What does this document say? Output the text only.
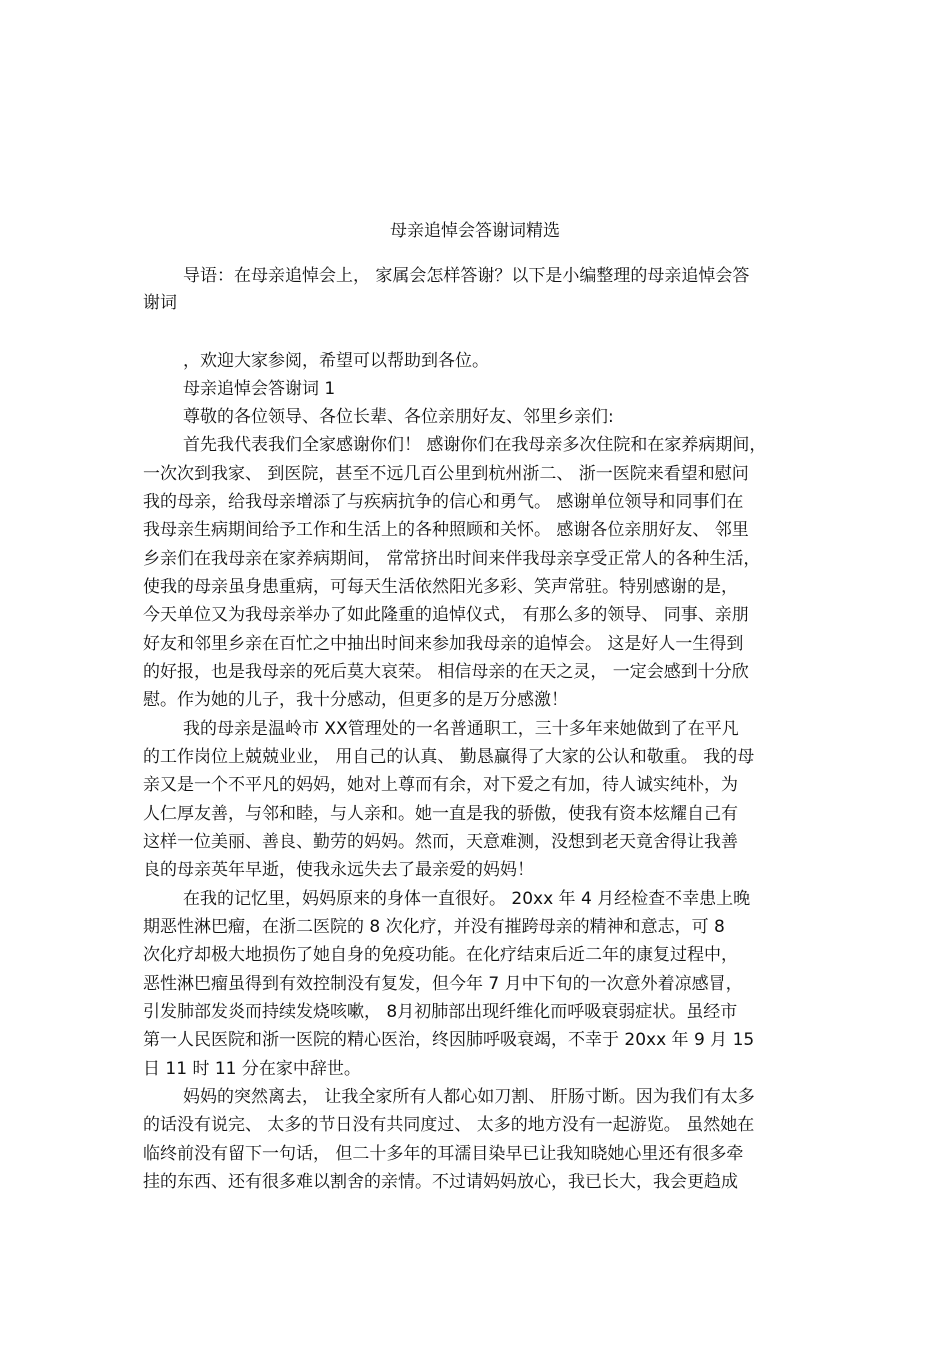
母亲追悼会答谢词精选
导语：在母亲追悼会上， 家属会怎样答谢？以下是小编整理的母亲追悼会答
谢词
，欢迎大家参阅，希望可以帮助到各位。
母亲追悼会答谢词 1
尊敬的各位领导、各位长辈、各位亲朋好友、邻里乡亲们:
首先我代表我们全家感谢你们！ 感谢你们在我母亲多次住院和在家养病期间，
一次次到我家、 到医院，甚至不远几百公里到杭州浙二、 浙一医院来看望和慰问
我的母亲，给我母亲增添了与疾病抗争的信心和勇气。 感谢单位领导和同事们在
我母亲生病期间给予工作和生活上的各种照顾和关怀。 感谢各位亲朋好友、 邻里
乡亲们在我母亲在家养病期间， 常常挤出时间来伴我母亲享受正常人的各种生活，
使我的母亲虽身患重病，可每天生活依然阳光多彩、笑声常驻。特别感谢的是，
今天单位又为我母亲举办了如此隆重的追悼仪式， 有那么多的领导、 同事、亲朋
好友和邻里乡亲在百忙之中抽出时间来参加我母亲的追悼会。 这是好人一生得到
的好报，也是我母亲的死后莫大哀荣。 相信母亲的在天之灵， 一定会感到十分欣
慰。作为她的儿子，我十分感动，但更多的是万分感激！
我的母亲是温岭市 XX管理处的一名普通职工，三十多年来她做到了在平凡
的工作岗位上兢兢业业， 用自己的认真、 勤恳赢得了大家的公认和敬重。 我的母
亲又是一个不平凡的妈妈，她对上尊而有余，对下爱之有加，待人诚实纯朴，为
人仁厚友善，与邻和睦，与人亲和。她一直是我的骄傲，使我有资本炫耀自己有
这样一位美丽、善良、勤劳的妈妈。然而，天意难测，没想到老天竟舍得让我善
良的母亲英年早逝，使我永远失去了最亲爱的妈妈！
在我的记忆里，妈妈原来的身体一直很好。 20xx 年 4 月经检查不幸患上晚
期恶性淋巴瘤，在浙二医院的 8 次化疗，并没有摧跨母亲的精神和意志，可 8
次化疗却极大地损伤了她自身的免疫功能。在化疗结束后近二年的康复过程中，
恶性淋巴瘤虽得到有效控制没有复发，但今年 7 月中下旬的一次意外着凉感冒，
引发肺部发炎而持续发烧咳嗽， 8月初肺部出现纤维化而呼吸衰弱症状。虽经市
第一人民医院和浙一医院的精心医治，终因肺呼吸衰竭，不幸于 20xx 年 9 月 15
日 11 时 11 分在家中辞世。
妈妈的突然离去， 让我全家所有人都心如刀割、 肝肠寸断。因为我们有太多
的话没有说完、 太多的节日没有共同度过、 太多的地方没有一起游览。 虽然她在
临终前没有留下一句话， 但二十多年的耳濡目染早已让我知晓她心里还有很多牵
挂的东西、还有很多难以割舍的亲情。不过请妈妈放心，我已长大，我会更趋成
